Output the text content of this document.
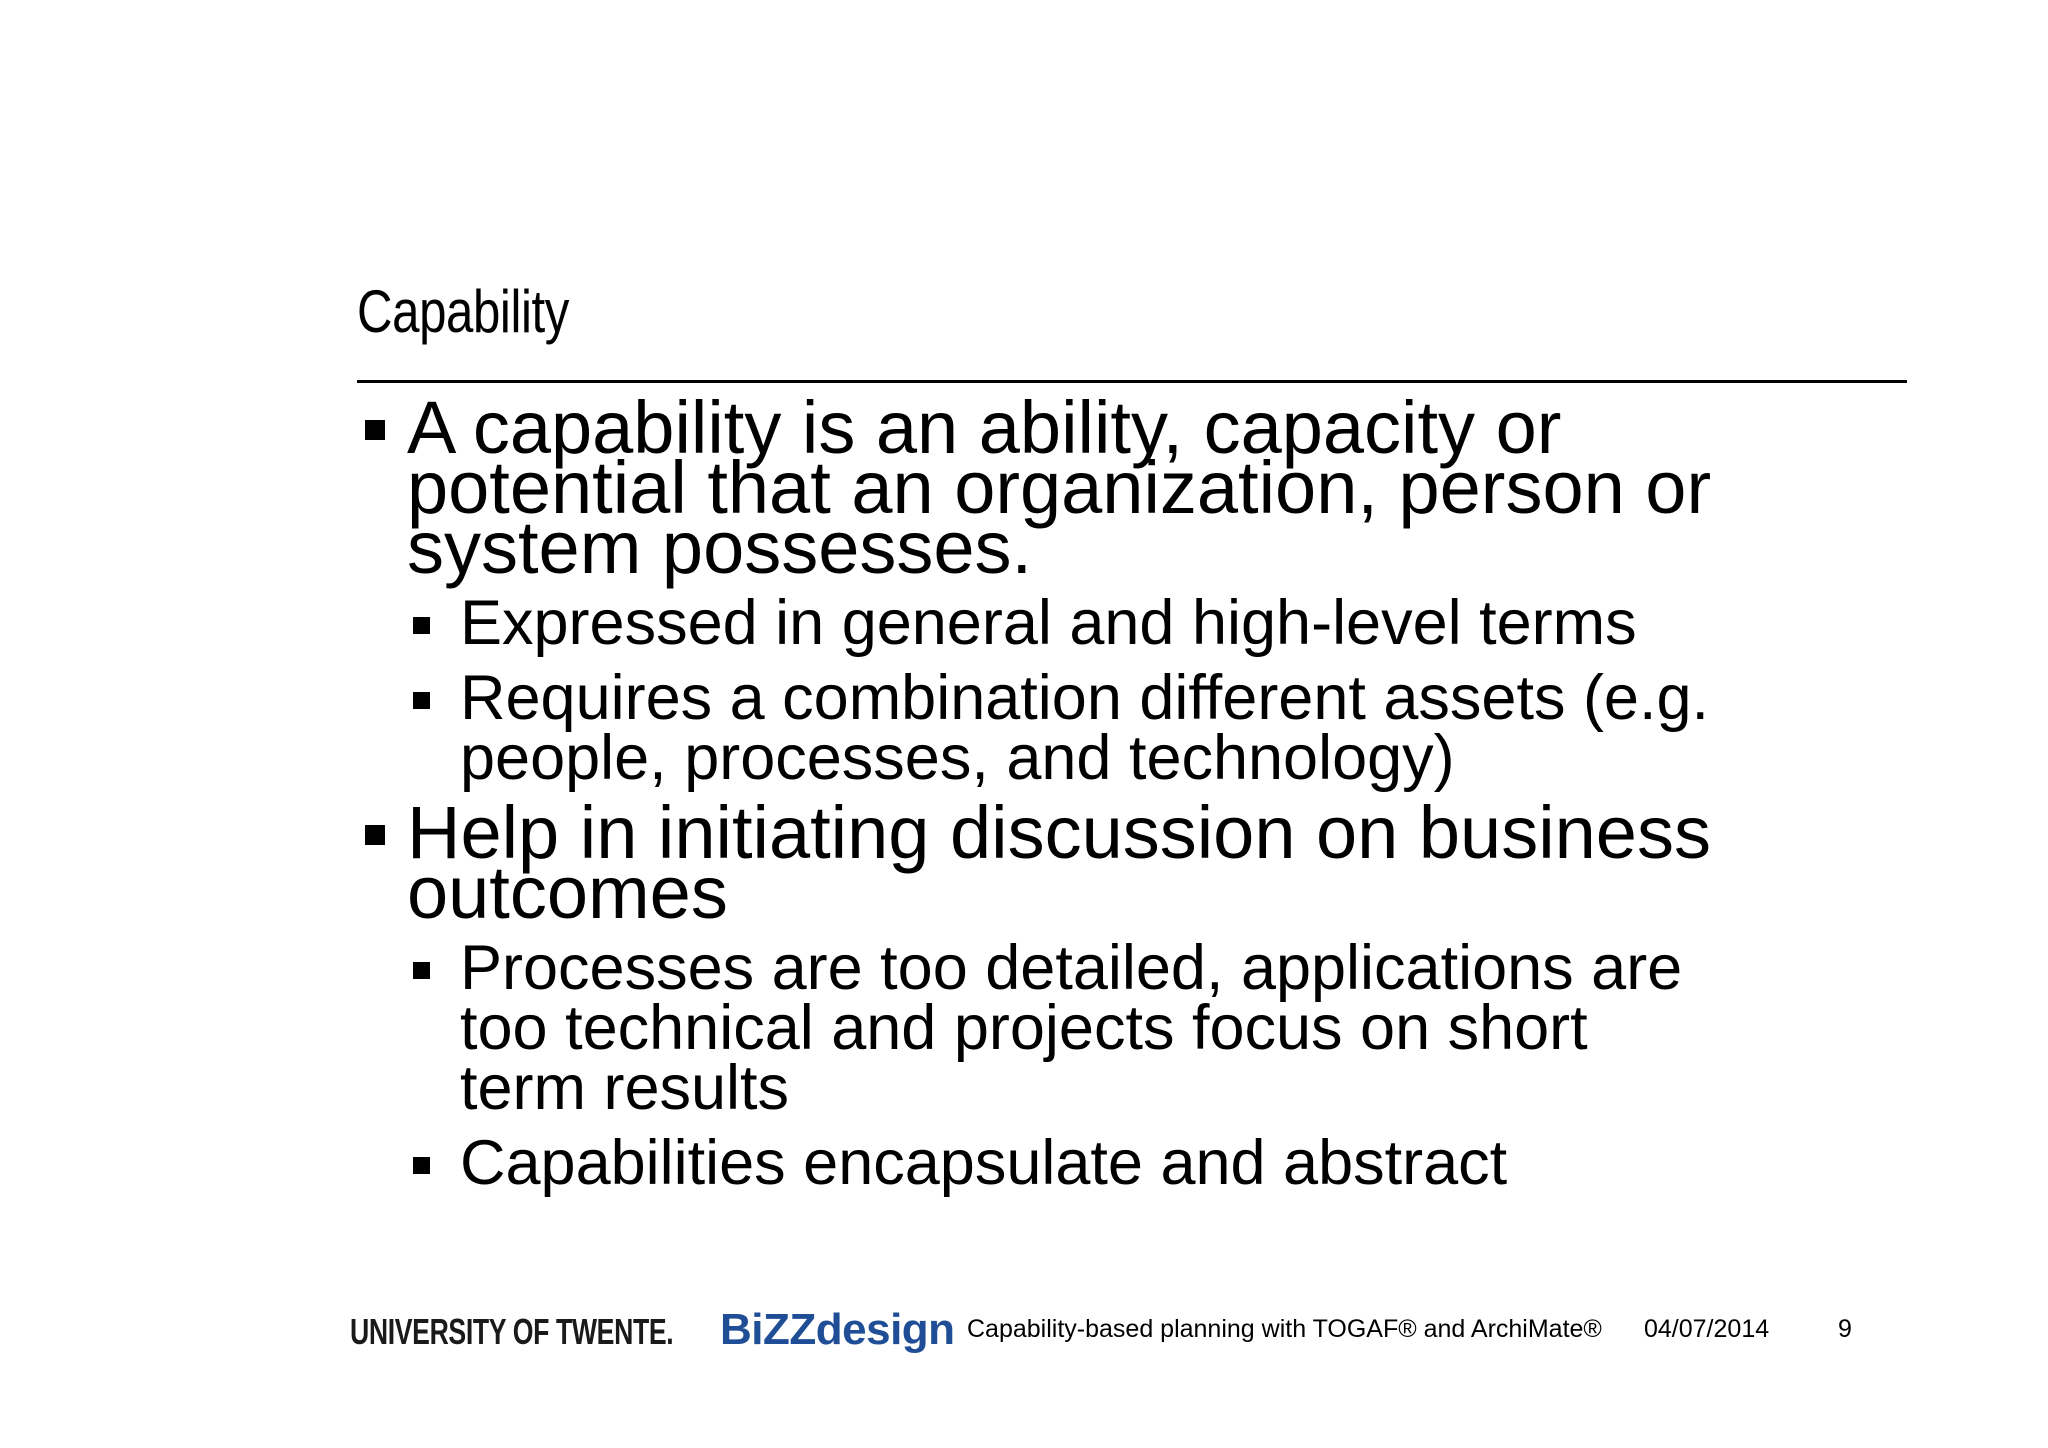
Capability
A capability is an ability, capacity or
potential that an organization, person or
system possesses.
Expressed in general and high-level terms
Requires a combination different assets (e.g.
people, processes, and technology)
Help in initiating discussion on business
outcomes
Processes are too detailed, applications are
too technical and projects focus on short
term results
Capabilities encapsulate and abstract
UNIVERSITY OF TWENTE. BiZZdesign Capability-based planning with TOGAF® and ArchiMate® 04/07/2014	9
